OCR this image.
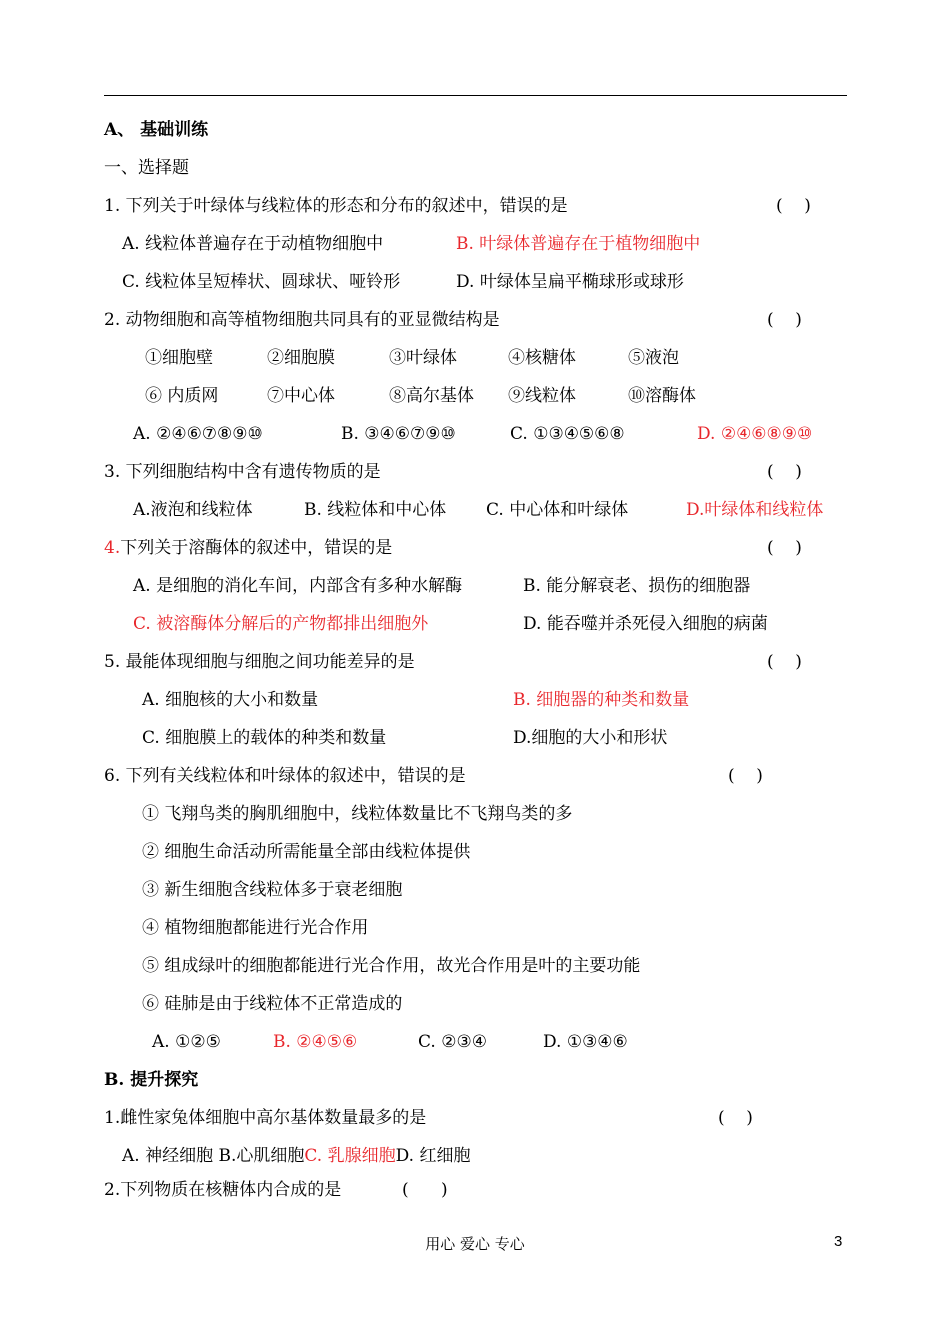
A、 基础训练
一、选择题
1. 下列关于叶绿体与线粒体的形态和分布的叙述中，错误的是	(    )
A. 线粒体普遍存在于动植物细胞中	B. 叶绿体普遍存在于植物细胞中
C. 线粒体呈短棒状、圆球状、哑铃形	D. 叶绿体呈扁平椭球形或球形
2. 动物细胞和高等植物细胞共同具有的亚显微结构是	(    )
①细胞壁	②细胞膜	③叶绿体	④核糖体	⑤液泡
⑥ 内质网	⑦中心体	⑧高尔基体 ⑨线粒体	⑩溶酶体
A. ②④⑥⑦⑧⑨⑩	B. ③④⑥⑦⑨⑩	C. ①③④⑤⑥⑧	D. ②④⑥⑧⑨⑩
3. 下列细胞结构中含有遗传物质的是	(    )
A.液泡和线粒体	B. 线粒体和中心体 C. 中心体和叶绿体	D.叶绿体和线粒体
4.下列关于溶酶体的叙述中，错误的是	(    )
A. 是细胞的消化车间，内部含有多种水解酶	B. 能分解衰老、损伤的细胞器
C. 被溶酶体分解后的产物都排出细胞外	D. 能吞噬并杀死侵入细胞的病菌
5. 最能体现细胞与细胞之间功能差异的是	(    )
A. 细胞核的大小和数量	B. 细胞器的种类和数量
C. 细胞膜上的载体的种类和数量	D.细胞的大小和形状
6. 下列有关线粒体和叶绿体的叙述中，错误的是	(    )
① 飞翔鸟类的胸肌细胞中，线粒体数量比不飞翔鸟类的多
② 细胞生命活动所需能量全部由线粒体提供
③ 新生细胞含线粒体多于衰老细胞
④ 植物细胞都能进行光合作用
⑤ 组成绿叶的细胞都能进行光合作用，故光合作用是叶的主要功能
⑥ 硅肺是由于线粒体不正常造成的
A. ①②⑤	B. ②④⑤⑥	C. ②③④	D. ①③④⑥
B. 提升探究
1.雌性家兔体细胞中高尔基体数量最多的是	(    )
A. 神经细胞 B.心肌细胞C. 乳腺细胞D. 红细胞
2.下列物质在核糖体内合成的是	(      )
用心 爱心 专心	3
